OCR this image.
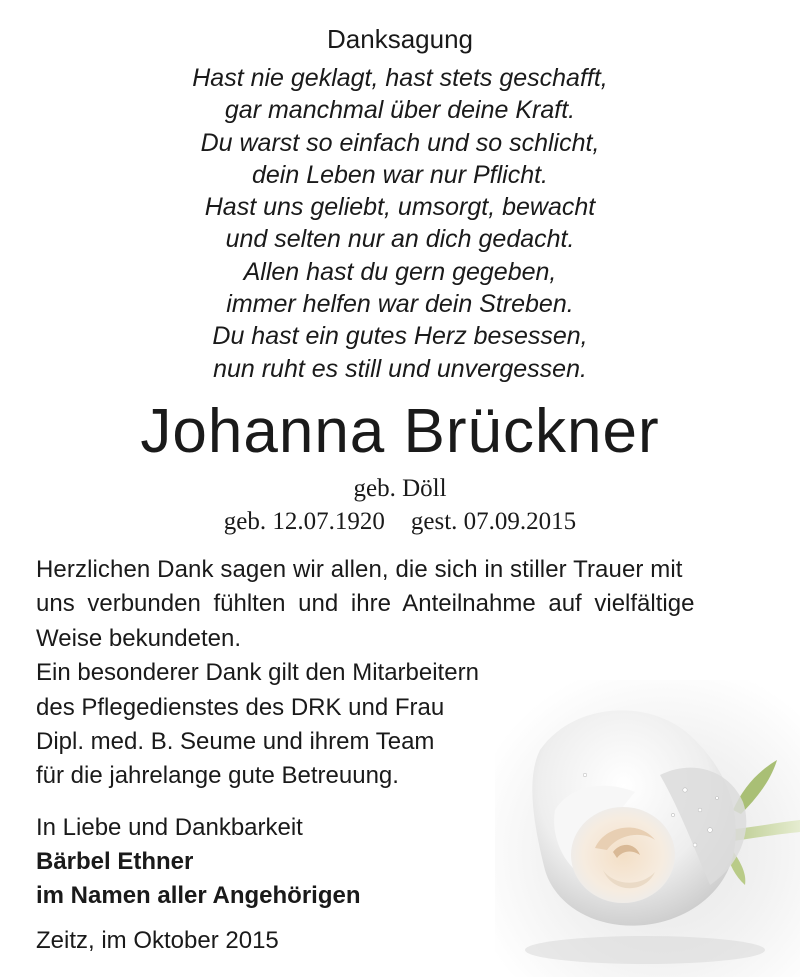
Danksagung
Hast nie geklagt, hast stets geschafft,
gar manchmal über deine Kraft.
Du warst so einfach und so schlicht,
dein Leben war nur Pflicht.
Hast uns geliebt, umsorgt, bewacht
und selten nur an dich gedacht.
Allen hast du gern gegeben,
immer helfen war dein Streben.
Du hast ein gutes Herz besessen,
nun ruht es still und unvergessen.
Johanna Brückner
geb. Döll
geb. 12.07.1920 gest. 07.09.2015

Herzlichen Dank sagen wir allen, die sich in stiller Trauer mit

uns verbunden fühlten und ihre Anteilnahme auf vielfältige

Weise bekundeten.

Ein besonderer Dank gilt den Mitarbeitern

des Pflegedienstes des DRK und Frau

Dipl. med. B. Seume und ihrem Team

für die jahrelange gute Betreuung.

In Liebe und Dankbarkeit
Bärbel Ethner
im Namen aller Angehörigen
Zeitz, im Oktober 2015
